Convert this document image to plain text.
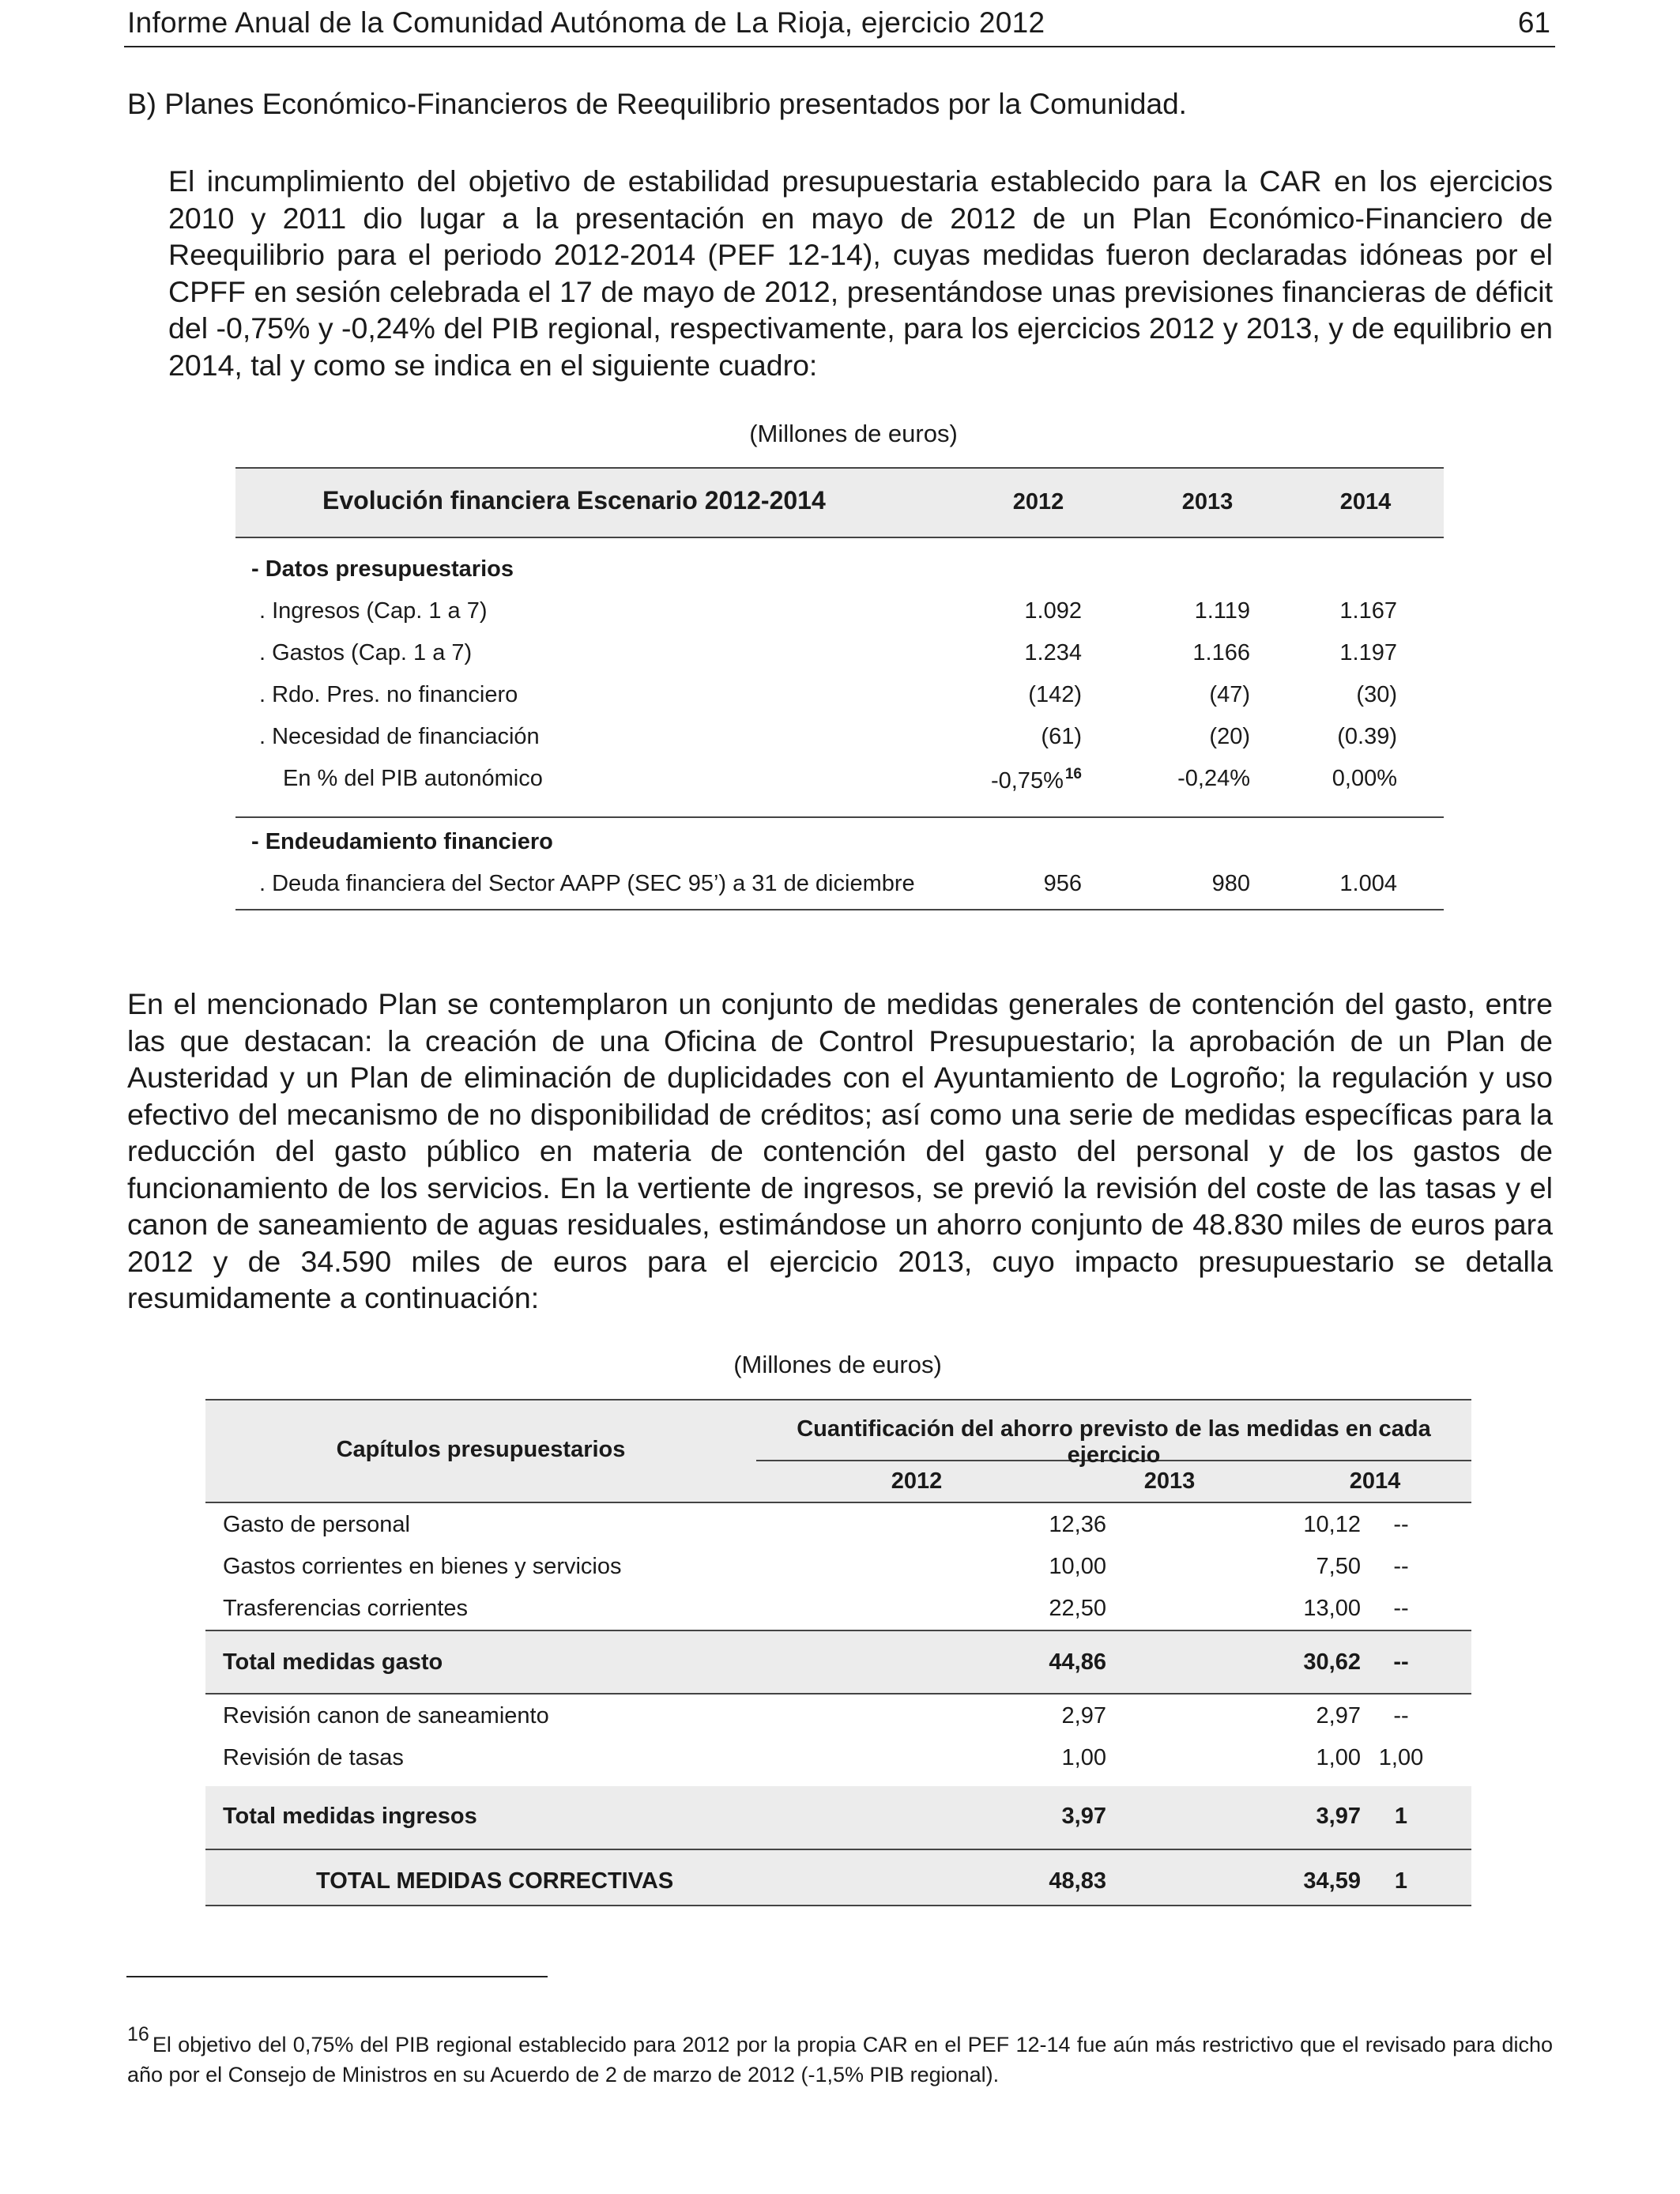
Informe Anual de la Comunidad Autónoma de La Rioja, ejercicio 2012	61
B) Planes Económico-Financieros de Reequilibrio presentados por la Comunidad.
El incumplimiento del objetivo de estabilidad presupuestaria establecido para la CAR en los ejercicios 2010 y 2011 dio lugar a la presentación en mayo de 2012 de un Plan Económico-Financiero de Reequilibrio para el periodo 2012-2014 (PEF 12-14), cuyas medidas fueron declaradas idóneas por el CPFF en sesión celebrada el 17 de mayo de 2012, presentándose unas previsiones financieras de déficit del -0,75% y -0,24% del PIB regional, respectivamente, para los ejercicios 2012 y 2013, y de equilibrio en 2014, tal y como se indica en el siguiente cuadro:
(Millones de euros)
Evolución financiera Escenario 2012-2014	2012	2013	2014
- Datos presupuestarios
. Ingresos (Cap. 1 a 7)	1.092	1.119	1.167
. Gastos (Cap. 1 a 7)	1.234	1.166	1.197
. Rdo. Pres. no financiero	(142)	(47)	(30)
. Necesidad de financiación	(61)	(20)	(0.39)
En % del PIB autonómico	-0,75% $^{16}$	-0,24%	0,00%
- Endeudamiento financiero
. Deuda financiera del Sector AAPP (SEC 95’) a 31 de diciembre	956	980	1.004
En el mencionado Plan se contemplaron un conjunto de medidas generales de contención del gasto, entre las que destacan: la creación de una Oficina de Control Presupuestario; la aprobación de un Plan de Austeridad y un Plan de eliminación de duplicidades con el Ayuntamiento de Logroño; la regulación y uso efectivo del mecanismo de no disponibilidad de créditos; así como una serie de medidas específicas para la reducción del gasto público en materia de contención del gasto del personal y de los gastos de funcionamiento de los servicios. En la vertiente de ingresos, se previó la revisión del coste de las tasas y el canon de saneamiento de aguas residuales, estimándose un ahorro conjunto de 48.830 miles de euros para 2012 y de 34.590 miles de euros para el ejercicio 2013, cuyo impacto presupuestario se detalla resumidamente a continuación:
(Millones de euros)
Capítulos presupuestarios
Cuantificación del ahorro previsto de las medidas en cada ejercicio
2012	2013	2014
Gasto de personal	12,36	10,12	--
Gastos corrientes en bienes y servicios	10,00	7,50	--
Trasferencias corrientes	22,50	13,00	--
Total medidas gasto	44,86	30,62	--
Revisión canon de saneamiento	2,97	2,97	--
Revisión de tasas	1,00	1,00 1,00
Total medidas ingresos	3,97	3,97	1
TOTAL MEDIDAS CORRECTIVAS	48,83	34,59	1
$^{16}$ El objetivo del 0,75% del PIB regional establecido para 2012 por la propia CAR en el PEF 12-14 fue aún más restrictivo que el revisado para dicho año por el Consejo de Ministros en su Acuerdo de 2 de marzo de 2012 (-1,5% PIB regional).
